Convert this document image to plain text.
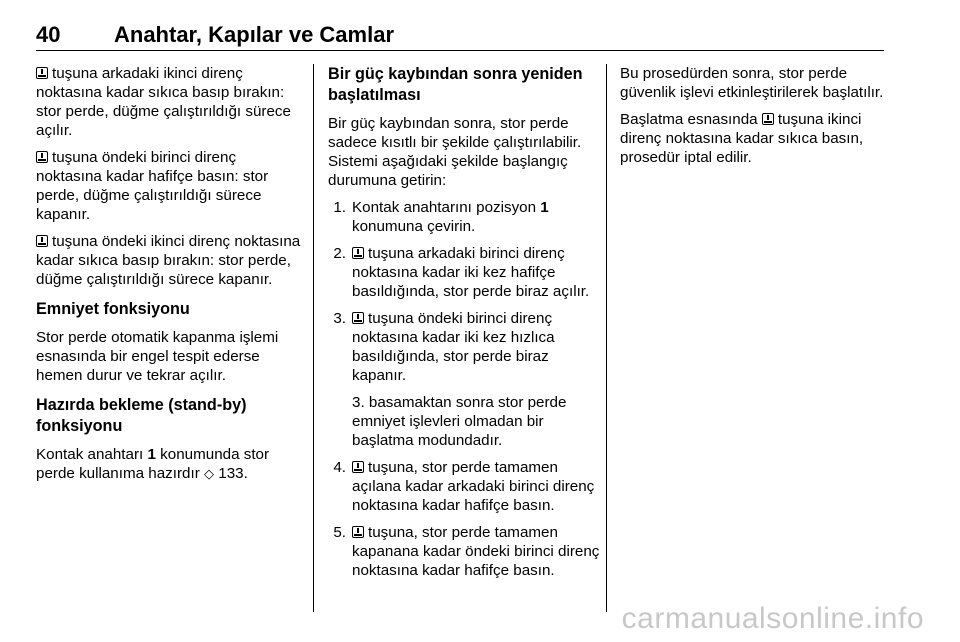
40 Anahtar, Kapılar ve Camlar

tuşuna arkadaki ikinci direnç noktasına kadar sıkıca basıp bırakın: stor perde, düğme çalıştırıldığı sürece açılır.

tuşuna öndeki birinci direnç noktasına kadar hafifçe basın: stor perde, düğme çalıştırıldığı sürece kapanır.

tuşuna öndeki ikinci direnç noktasına kadar sıkıca basıp bırakın: stor perde, düğme çalıştırıldığı sürece kapanır.

Emniyet fonksiyonu

Stor perde otomatik kapanma işlemi esnasında bir engel tespit ederse hemen durur ve tekrar açılır.

Hazırda bekleme (stand-by) fonksiyonu

Kontak anahtarı 1 konumunda stor perde kullanıma hazırdır ◇ 133.

Bir güç kaybından sonra yeniden başlatılması

Bir güç kaybından sonra, stor perde sadece kısıtlı bir şekilde çalıştırılabilir. Sistemi aşağıdaki şekilde başlangıç durumuna getirin:

1. Kontak anahtarını pozisyon 1 konumuna çevirin.
2. tuşuna arkadaki birinci direnç noktasına kadar iki kez hafifçe basıldığında, stor perde biraz açılır.
3. tuşuna öndeki birinci direnç noktasına kadar iki kez hızlıca basıldığında, stor perde biraz kapanır.
3. basamaktan sonra stor perde emniyet işlevleri olmadan bir başlatma modundadır.
4. tuşuna, stor perde tamamen açılana kadar arkadaki birinci direnç noktasına kadar hafifçe basın.
5. tuşuna, stor perde tamamen kapanana kadar öndeki birinci direnç noktasına kadar hafifçe basın.

Bu prosedürden sonra, stor perde güvenlik işlevi etkinleştirilerek başlatılır.

Başlatma esnasında tuşuna ikinci direnç noktasına kadar sıkıca basın, prosedür iptal edilir.

carmanualsonline.info
